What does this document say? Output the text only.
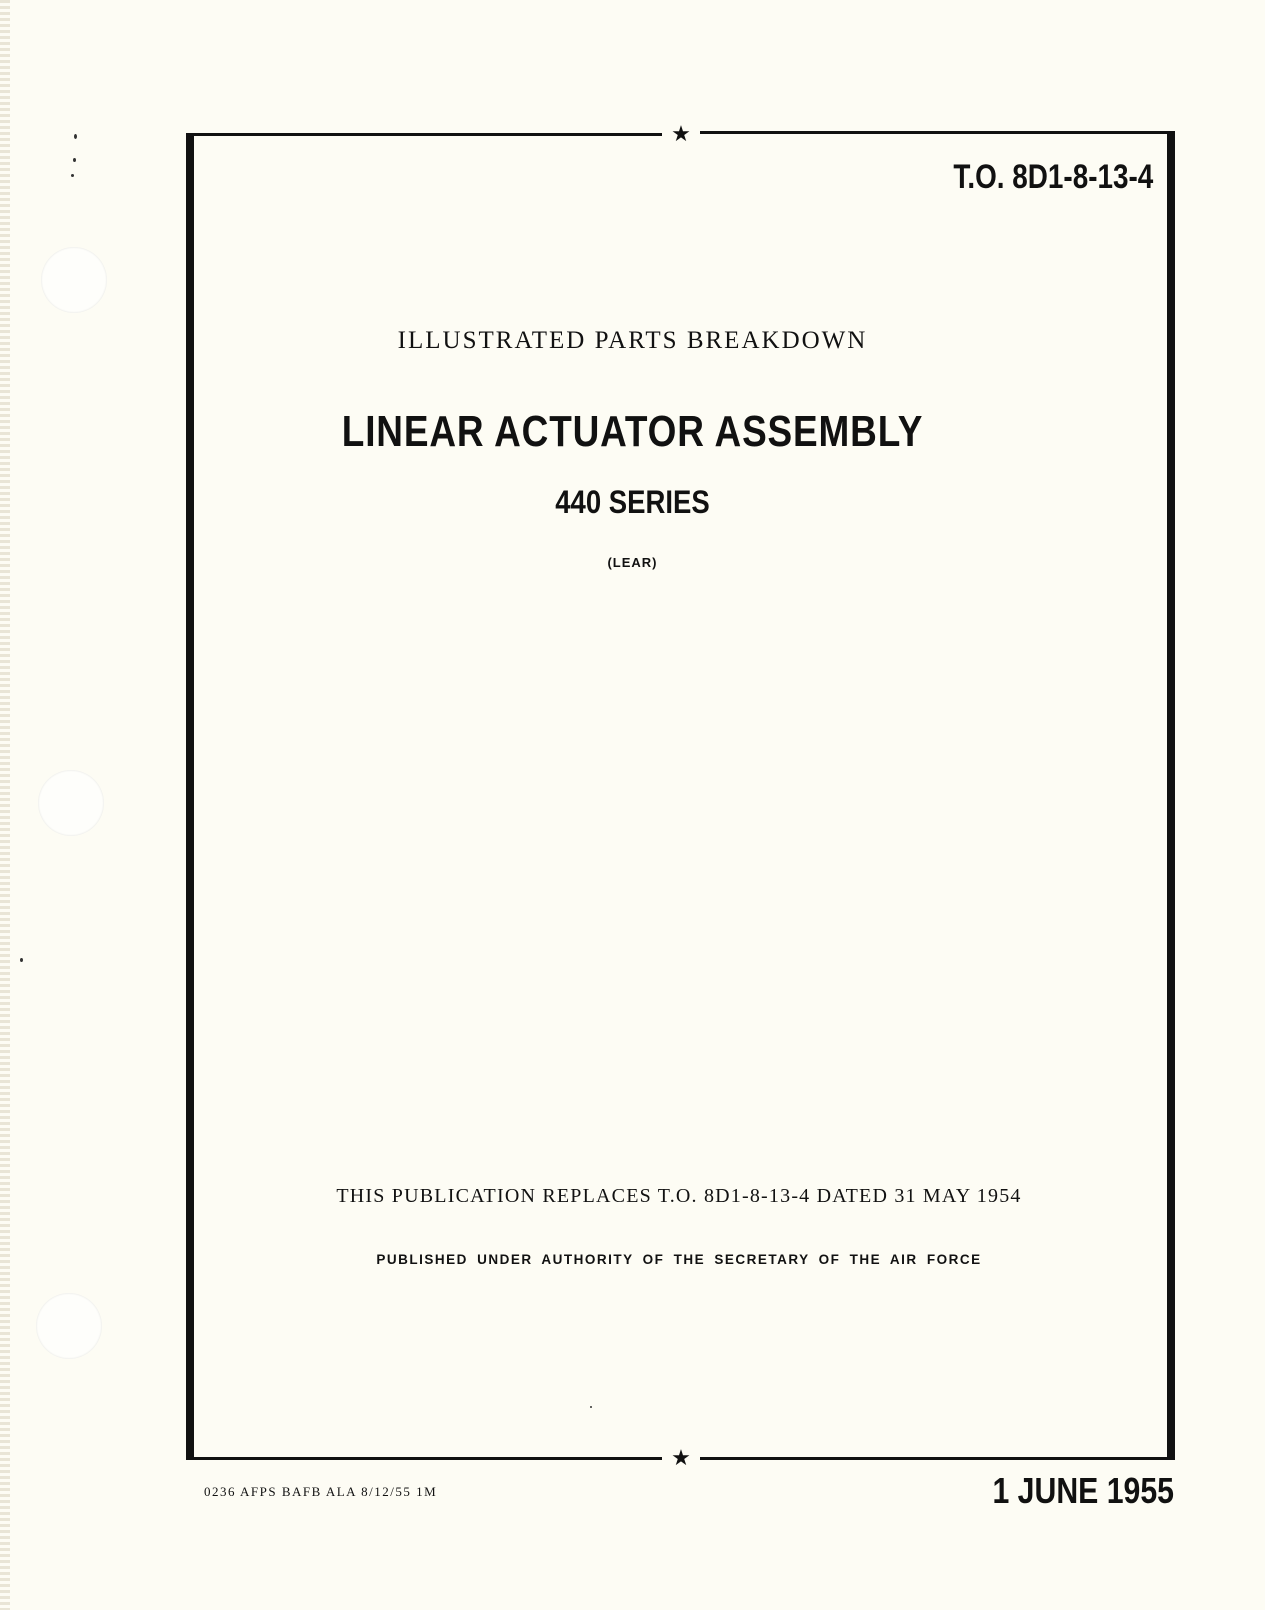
★
★
T.O. 8D1-8-13-4
ILLUSTRATED PARTS BREAKDOWN
LINEAR ACTUATOR ASSEMBLY
440 SERIES
(LEAR)
THIS PUBLICATION REPLACES T.O. 8D1-8-13-4 DATED 31 MAY 1954
PUBLISHED UNDER AUTHORITY OF THE SECRETARY OF THE AIR FORCE
0236 AFPS BAFB ALA 8/12/55 1M	1 JUNE 1955
